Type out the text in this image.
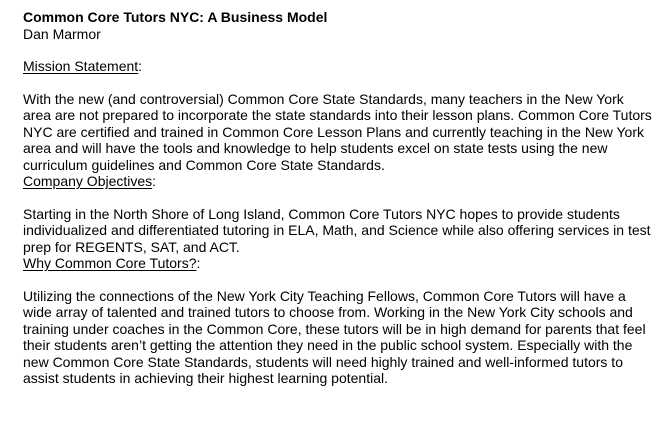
Common Core Tutors NYC: A Business Model

Dan Marmor

Mission Statement:

With the new (and controversial) Common Core State Standards, many teachers in the New York area are not prepared to incorporate the state standards into their lesson plans. Common Core Tutors NYC are certified and trained in Common Core Lesson Plans and currently teaching in the New York area and will have the tools and knowledge to help students excel on state tests using the new curriculum guidelines and Common Core State Standards.

Company Objectives:

Starting in the North Shore of Long Island, Common Core Tutors NYC hopes to provide students individualized and differentiated tutoring in ELA, Math, and Science while also offering services in test prep for REGENTS, SAT, and ACT.

Why Common Core Tutors?:

Utilizing the connections of the New York City Teaching Fellows, Common Core Tutors will have a wide array of talented and trained tutors to choose from. Working in the New York City schools and training under coaches in the Common Core, these tutors will be in high demand for parents that feel their students aren’t getting the attention they need in the public school system. Especially with the new Common Core State Standards, students will need highly trained and well-informed tutors to assist students in achieving their highest learning potential.
